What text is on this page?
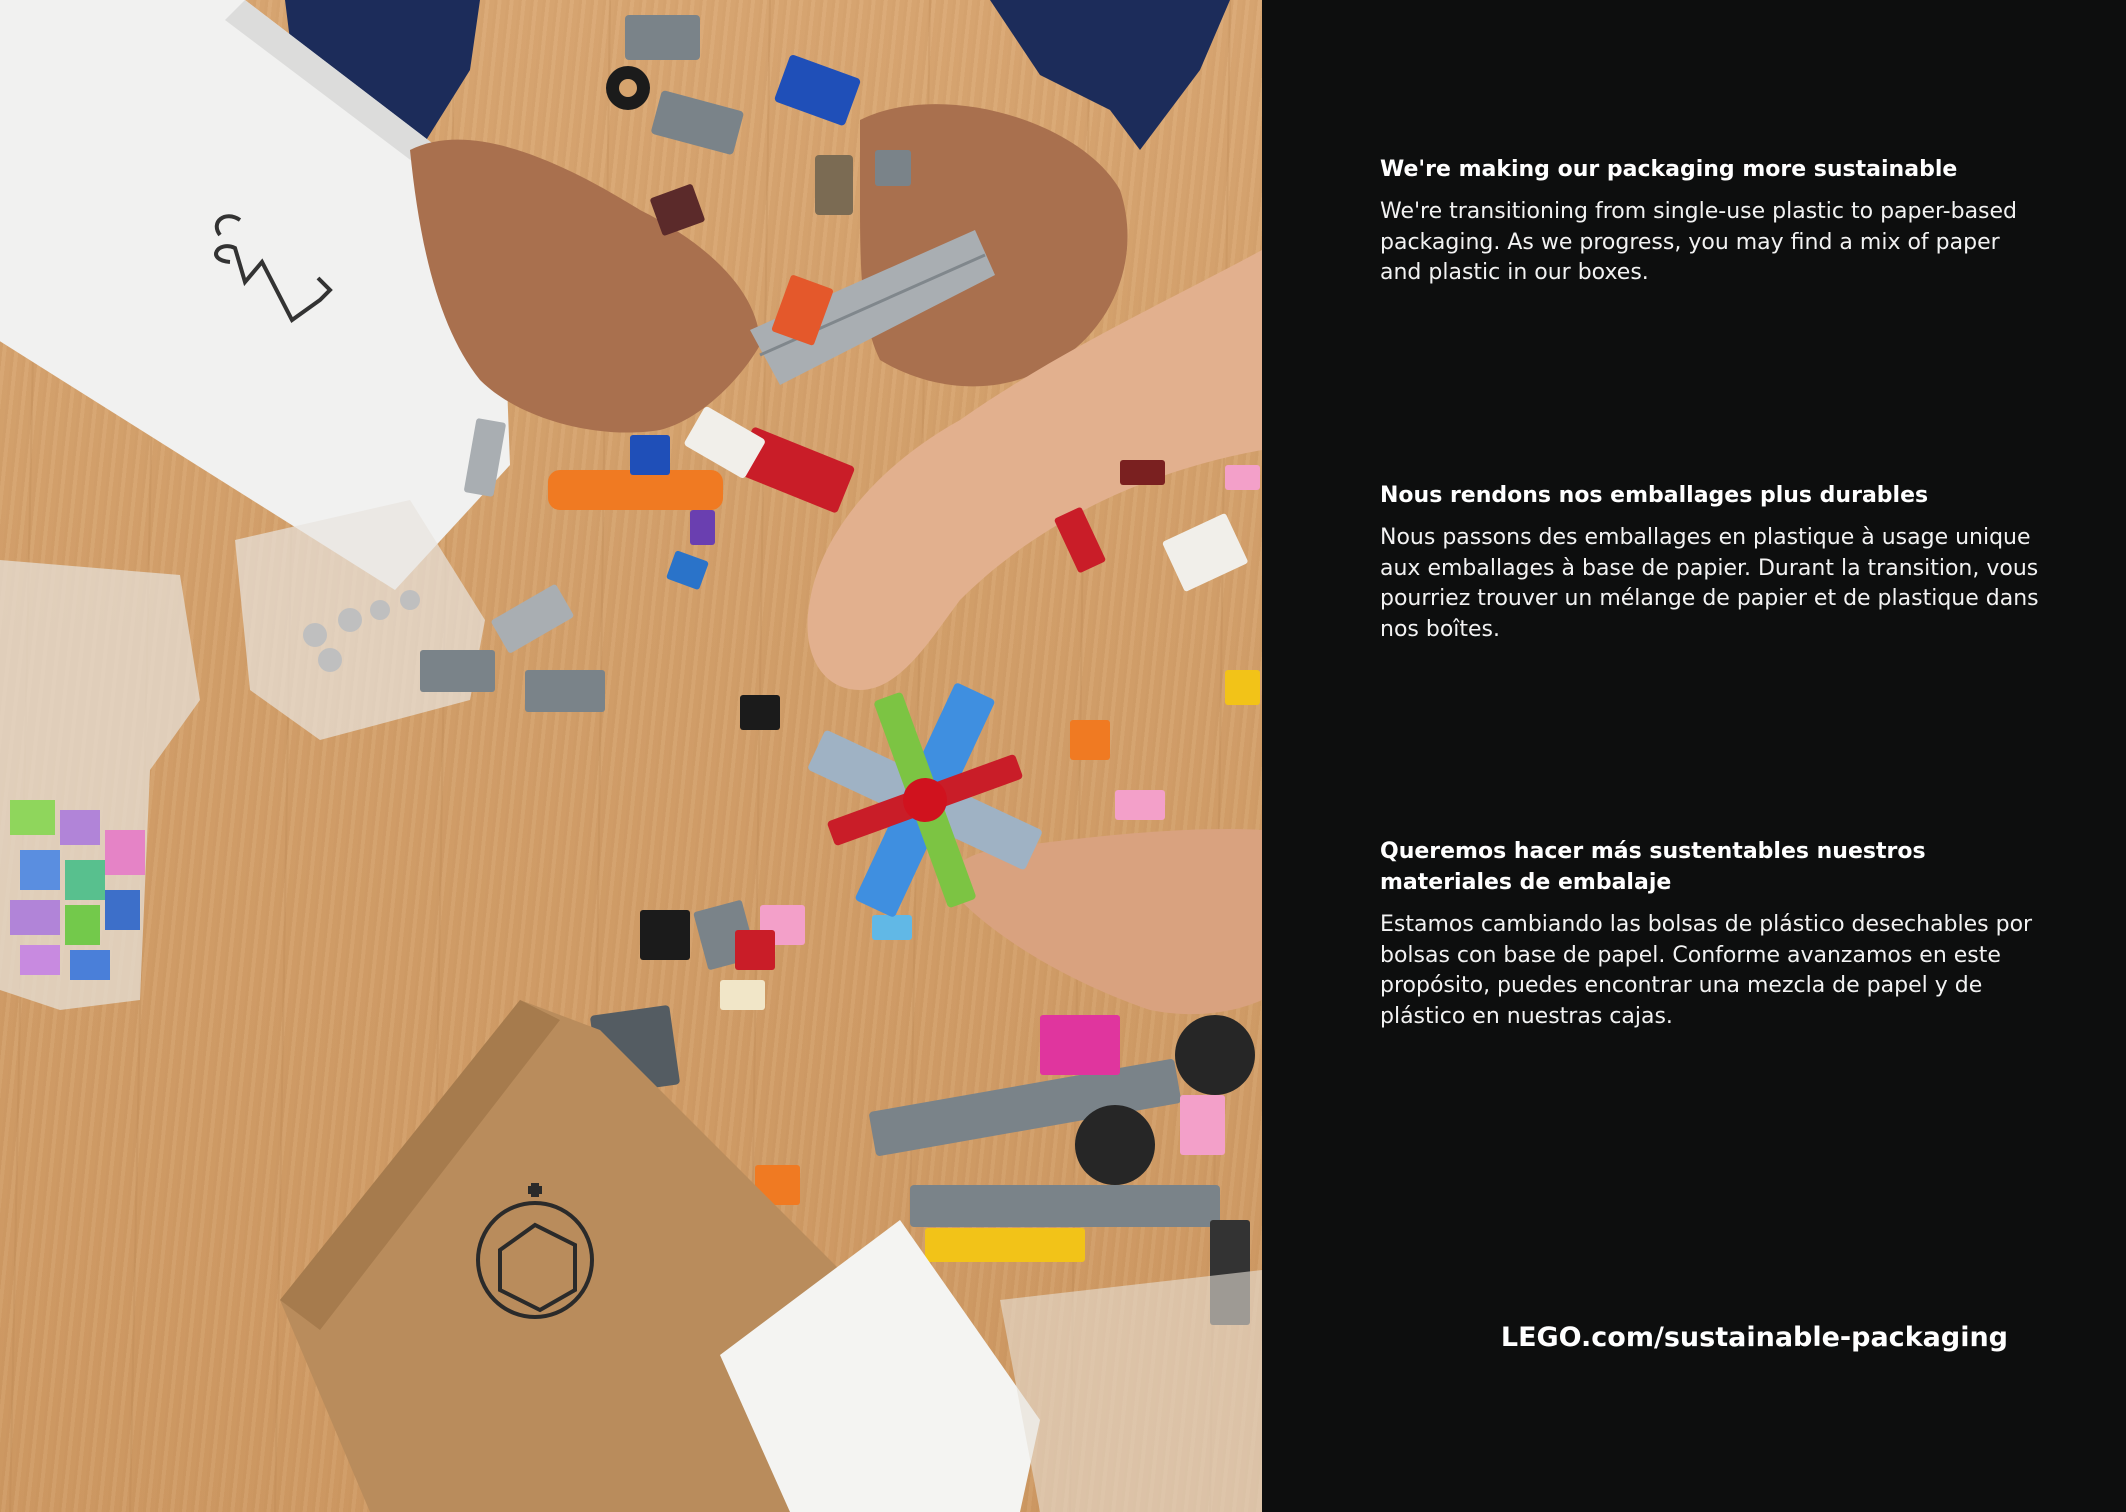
We're making our packaging more sustainable

We're transitioning from single-use plastic to paper-based packaging. As we progress, you may find a mix of paper and plastic in our boxes.

Nous rendons nos emballages plus durables

Nous passons des emballages en plastique à usage unique aux emballages à base de papier. Durant la transition, vous pourriez trouver un mélange de papier et de plastique dans nos boîtes.

Queremos hacer más sustentables nuestros materiales de embalaje

Estamos cambiando las bolsas de plástico desechables por bolsas con base de papel. Conforme avanzamos en este propósito, puedes encontrar una mezcla de papel y de plástico en nuestras cajas.

LEGO.com/sustainable-packaging
